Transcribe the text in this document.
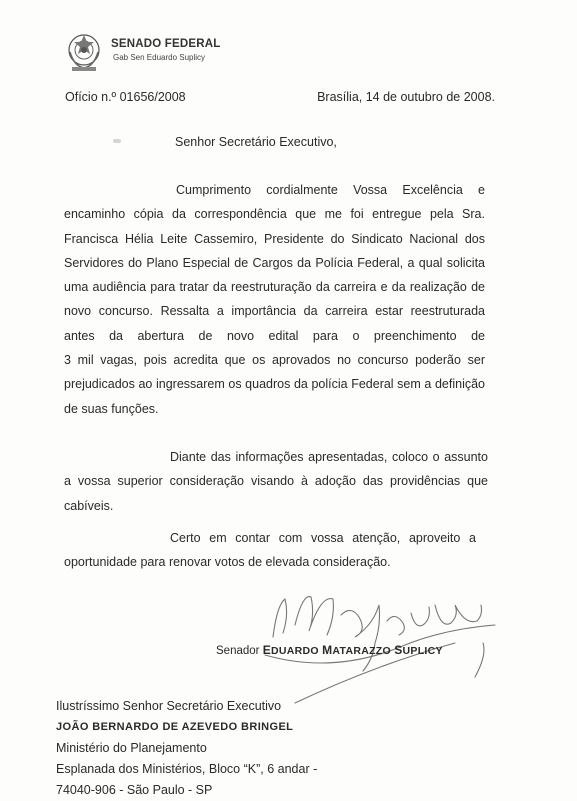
SENADO FEDERAL
Gab Sen Eduardo Suplicy
Ofício n.º 01656/2008	Brasília, 14 de outubro de 2008.
Senhor Secretário Executivo,
Cumprimento cordialmente Vossa Excelência e
encaminho cópia da correspondência que me foi entregue pela Sra.
Francisca Hélia Leite Cassemiro, Presidente do Sindicato Nacional dos
Servidores do Plano Especial de Cargos da Polícia Federal, a qual solicita
uma audiência para tratar da reestruturação da carreira e da realização de
novo concurso. Ressalta a importância da carreira estar reestruturada
antes da abertura de novo edital para o preenchimento de
3 mil vagas, pois acredita que os aprovados no concurso poderão ser
prejudicados ao ingressarem os quadros da polícia Federal sem a definição
de suas funções.
Diante das informações apresentadas, coloco o assunto
a vossa superior consideração visando à adoção das providências que
cabíveis.
Certo em contar com vossa atenção, aproveito a
oportunidade para renovar votos de elevada consideração.
Senador EDUARDO MATARAZZO SUPLICY
Ilustríssimo Senhor Secretário Executivo
JOÃO BERNARDO DE AZEVEDO BRINGEL
Ministério do Planejamento
Esplanada dos Ministérios, Bloco “K”, 6 andar -
74040-906 - São Paulo - SP
